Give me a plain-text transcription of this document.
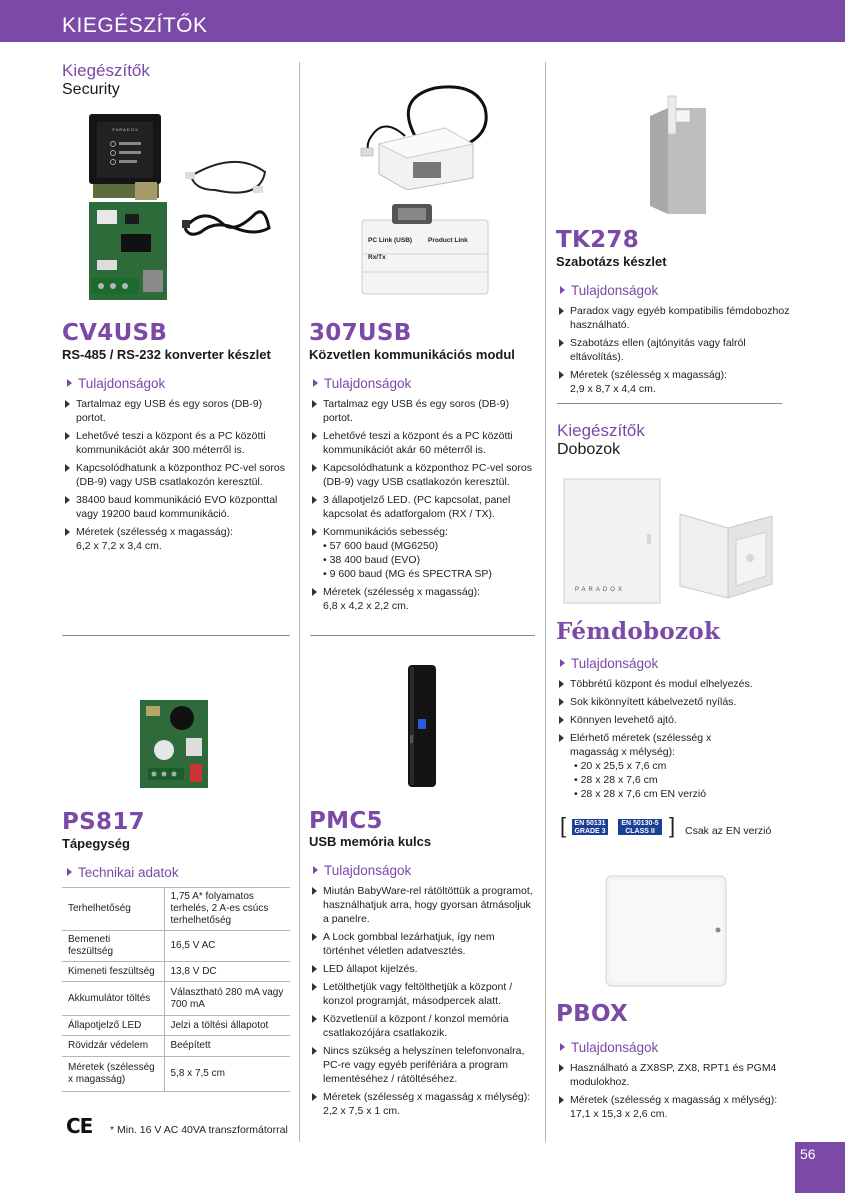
KIEGÉSZÍTŐK
Kiegészítők
Security
P A R A D O X
CV4USB
RS-485 / RS-232 konverter készlet
Tulajdonságok
Tartalmaz egy USB és egy soros (DB-9) portot.
Lehetővé teszi a központ és a PC közötti kommunikációt akár 300 méterről is.
Kapcsolódhatunk a központhoz PC-vel soros (DB-9) vagy USB csatlakozón keresztül.
38400 baud kommunikáció EVO központtal vagy 19200 baud kommunikáció.
Méretek (szélesség x magasság): 6,2 x 7,2 x 3,4 cm.
PS817
Tápegység
Technikai adatok
Terhelhetőség	1,75 A* folyamatos terhelés, 2 A-es csúcs terhelhetőség
Bemeneti feszültség	16,5 V AC
Kimeneti feszültség	13,8 V DC
Akkumulátor töltés	Választható 280 mA vagy 700 mA
Állapotjelző LED	Jelzi a töltési állapotot
Rövidzár védelem	Beépített
Méretek (szélesség x magasság)	5,8 x 7,5 cm
CE * Min. 16 V AC 40VA transzformátorral
PC Link (USB) Product Link
Rx/Tx
307USB
Közvetlen kommunikációs modul
Tulajdonságok
Tartalmaz egy USB és egy soros (DB-9) portot.
Lehetővé teszi a központ és a PC közötti kommunikációt akár 60 méterről is.
Kapcsolódhatunk a központhoz PC-vel soros (DB-9) vagy USB csatlakozón keresztül.
3 állapotjelző LED. (PC kapcsolat, panel kapcsolat és adatforgalom (RX / TX).
Kommunikációs sebesség:
• 57 600 baud (MG6250)
• 38 400 baud (EVO)
• 9 600 baud (MG és SPECTRA SP)
Méretek (szélesség x magasság): 6,8 x 4,2 x 2,2 cm.
PMC5
USB memória kulcs
Tulajdonságok
Miután BabyWare-rel rátöltöttük a programot, használhatjuk arra, hogy gyorsan átmásoljuk a panelre.
A Lock gombbal lezárhatjuk, így nem történhet véletlen adatvesztés.
LED állapot kijelzés.
Letölthetjük vagy feltölthetjük a központ / konzol programját, másodpercek alatt.
Közvetlenül a központ / konzol memória csatlakozójára csatlakozik.
Nincs szükség a helyszínen telefonvonalra, PC-re vagy egyéb perifériára a program lementéséhez / rátöltéséhez.
Méretek (szélesség x magasság x mélység): 2,2 x 7,5 x 1 cm.
TK278
Szabotázs készlet
Tulajdonságok
Paradox vagy egyéb kompatibilis fémdobozhoz használható.
Szabotázs ellen (ajtónyitás vagy falról eltávolítás).
Méretek (szélesség x magasság): 2,9 x 8,7 x 4,4 cm.
Kiegészítők
Dobozok
PARADOX
Fémdobozok
Tulajdonságok
Többrétű központ és modul elhelyezés.
Sok kikönnyített kábelvezető nyílás.
Könnyen levehető ajtó.
Elérhető méretek (szélesség x magasság x mélység):
• 20 x 25,5 x 7,6 cm
• 28 x 28 x 7,6 cm
• 28 x 28 x 7,6 cm EN verzió
[	EN 50131
GRADE 3
EN 50130-5
CLASS II ] Csak az EN verzió
PBOX
Tulajdonságok
Használható a ZX8SP, ZX8, RPT1 és PGM4 modulokhoz.
Méretek (szélesség x magasság x mélység): 17,1 x 15,3 x 2,6 cm.
56
